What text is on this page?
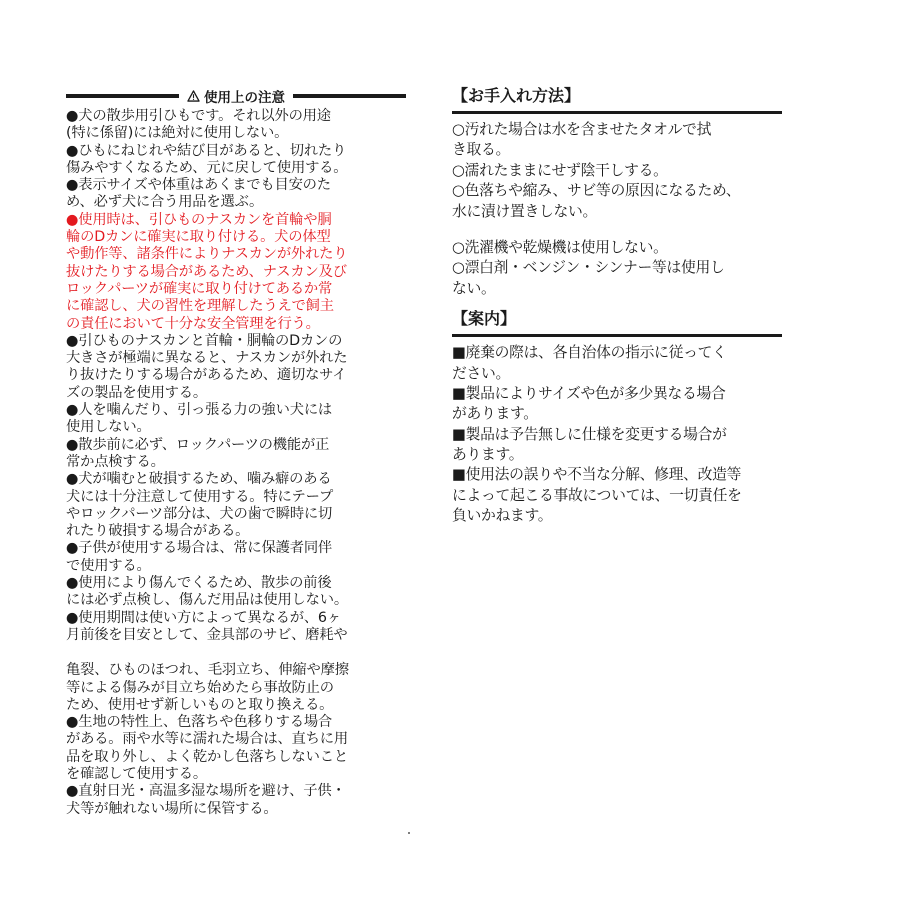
使用上の注意
●犬の散歩用引ひもです。それ以外の用途
(特に係留)には絶対に使用しない。
●ひもにねじれや結び目があると、切れたり
傷みやすくなるため、元に戻して使用する。
●表示サイズや体重はあくまでも目安のた
め、必ず犬に合う用品を選ぶ。
●使用時は、引ひものナスカンを首輪や胴
輪のDカンに確実に取り付ける。犬の体型
や動作等、諸条件によりナスカンが外れたり
抜けたりする場合があるため、ナスカン及び
ロックパーツが確実に取り付けてあるか常
に確認し、犬の習性を理解したうえで飼主
の責任において十分な安全管理を行う。
●引ひものナスカンと首輪・胴輪のDカンの
大きさが極端に異なると、ナスカンが外れた
り抜けたりする場合があるため、適切なサイ
ズの製品を使用する。
●人を噛んだり、引っ張る力の強い犬には
使用しない。
●散歩前に必ず、ロックパーツの機能が正
常か点検する。
●犬が噛むと破損するため、噛み癖のある
犬には十分注意して使用する。特にテープ
やロックパーツ部分は、犬の歯で瞬時に切
れたり破損する場合がある。
●子供が使用する場合は、常に保護者同伴
で使用する。
●使用により傷んでくるため、散歩の前後
には必ず点検し、傷んだ用品は使用しない。
●使用期間は使い方によって異なるが、6ヶ
月前後を目安として、金具部のサビ、磨耗や
亀裂、ひものほつれ、毛羽立ち、伸縮や摩擦
等による傷みが目立ち始めたら事故防止の
ため、使用せず新しいものと取り換える。
●生地の特性上、色落ちや色移りする場合
がある。雨や水等に濡れた場合は、直ちに用
品を取り外し、よく乾かし色落ちしないこと
を確認して使用する。
●直射日光・高温多湿な場所を避け、子供・
犬等が触れない場所に保管する。
【お手入れ方法】
○汚れた場合は水を含ませたタオルで拭
き取る。
○濡れたままにせず陰干しする。
○色落ちや縮み、サビ等の原因になるため、
水に漬け置きしない。
○洗濯機や乾燥機は使用しない。
○漂白剤・ベンジン・シンナー等は使用し
ない。
【案内】
■廃棄の際は、各自治体の指示に従ってく
ださい。
■製品によりサイズや色が多少異なる場合
があります。
■製品は予告無しに仕様を変更する場合が
あります。
■使用法の誤りや不当な分解、修理、改造等
によって起こる事故については、一切責任を
負いかねます。
